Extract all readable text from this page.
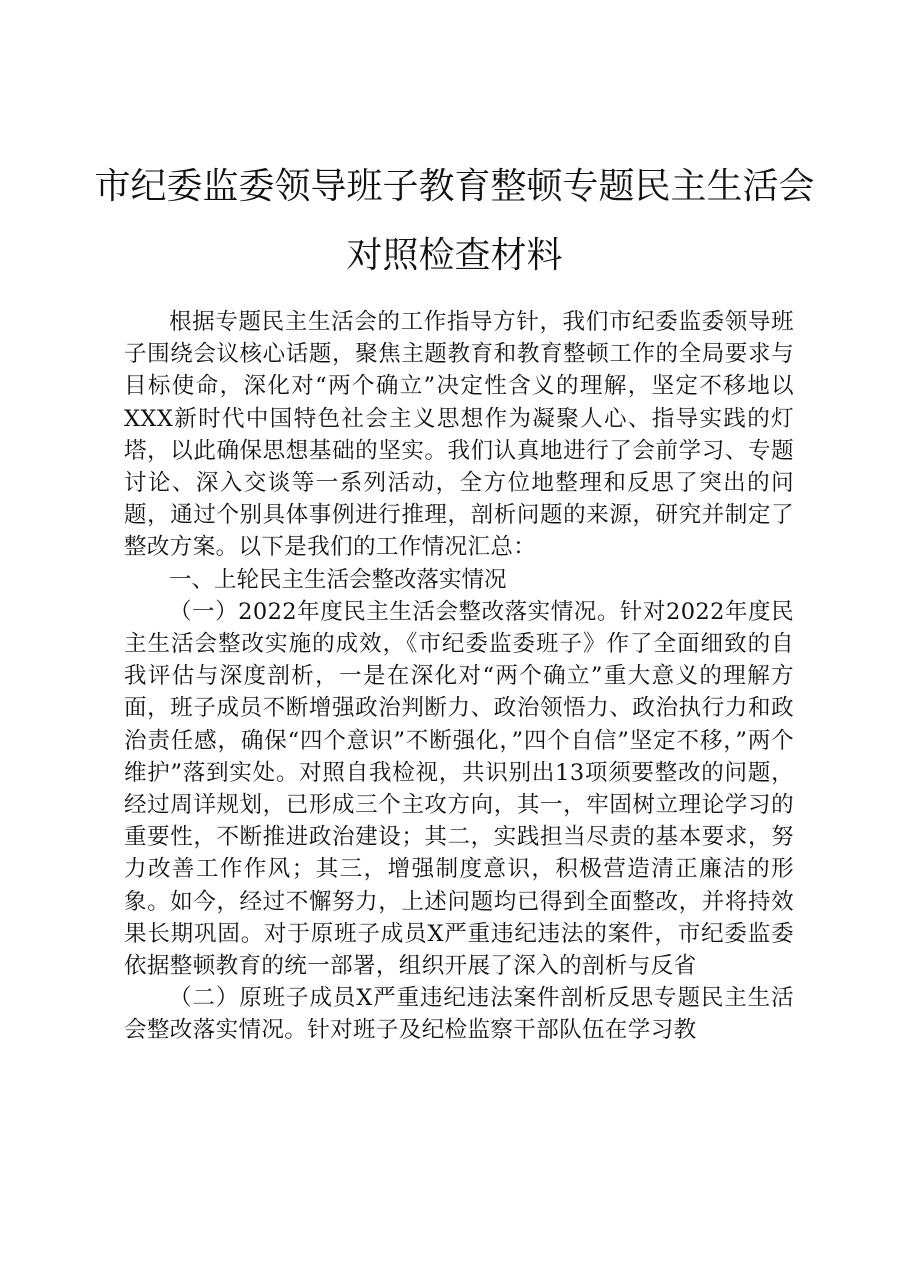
市纪委监委领导班子教育整顿专题民主生活会
对照检查材料

根据专题民主生活会的工作指导方针，我们市纪委监委领导班子围绕会议核心话题，聚焦主题教育和教育整顿工作的全局要求与目标使命，深化对“两个确立”决定性含义的理解，坚定不移地以XXX新时代中国特色社会主义思想作为凝聚人心、指导实践的灯塔，以此确保思想基础的坚实。我们认真地进行了会前学习、专题讨论、深入交谈等一系列活动，全方位地整理和反思了突出的问题，通过个别具体事例进行推理，剖析问题的来源，研究并制定了整改方案。以下是我们的工作情况汇总：

一、上轮民主生活会整改落实情况

（一）2022年度民主生活会整改落实情况。针对2022年度民主生活会整改实施的成效，《市纪委监委班子》作了全面细致的自我评估与深度剖析，一是在深化对“两个确立”重大意义的理解方面，班子成员不断增强政治判断力、政治领悟力、政治执行力和政治责任感，确保“四个意识”不断强化，”四个自信”坚定不移，”两个维护”落到实处。对照自我检视，共识别出13项须要整改的问题，经过周详规划，已形成三个主攻方向，其一，牢固树立理论学习的重要性，不断推进政治建设；其二，实践担当尽责的基本要求，努力改善工作作风；其三，增强制度意识，积极营造清正廉洁的形象。如今，经过不懈努力，上述问题均已得到全面整改，并将持效果长期巩固。对于原班子成员X严重违纪违法的案件，市纪委监委依据整顿教育的统一部署，组织开展了深入的剖析与反省

（二）原班子成员X严重违纪违法案件剖析反思专题民主生活会整改落实情况。针对班子及纪检监察干部队伍在学习教
